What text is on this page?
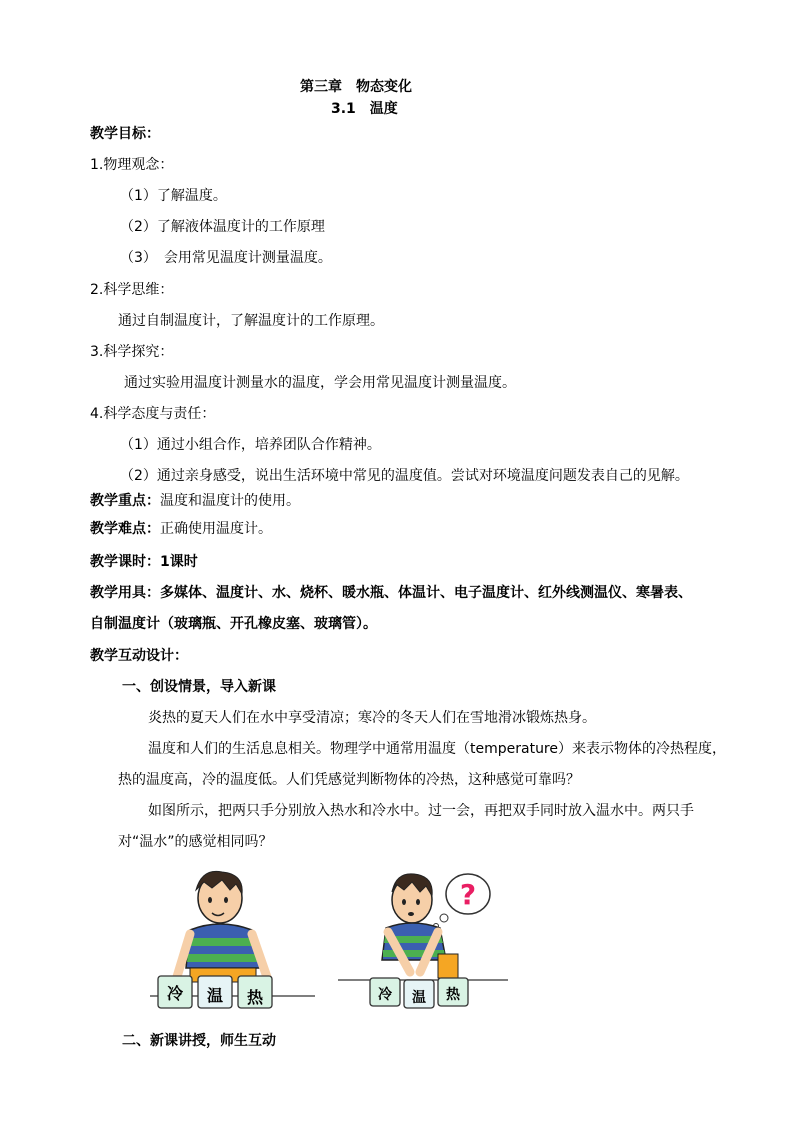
第三章　物态变化
3.1　温度
教学目标：
1.物理观念：
（1）了解温度。
（2）了解液体温度计的工作原理
（3）　会用常见温度计测量温度。
2.科学思维：
通过自制温度计，了解温度计的工作原理。
3.科学探究：
通过实验用温度计测量水的温度，学会用常见温度计测量温度。
4.科学态度与责任：
（1）通过小组合作，培养团队合作精神。
（2）通过亲身感受，说出生活环境中常见的温度值。尝试对环境温度问题发表自己的见解。
教学重点：温度和温度计的使用。
教学难点：正确使用温度计。
教学课时：1课时
教学用具：多媒体、温度计、水、烧杯、暖水瓶、体温计、电子温度计、红外线测温仪、寒暑表、
自制温度计（玻璃瓶、开孔橡皮塞、玻璃管）。
教学互动设计：
一、创设情景，导入新课
炎热的夏天人们在水中享受清凉；寒冷的冬天人们在雪地滑冰锻炼热身。
温度和人们的生活息息相关。物理学中通常用温度（temperature）来表示物体的冷热程度，
热的温度高，冷的温度低。人们凭感觉判断物体的冷热，这种感觉可靠吗？
如图所示，把两只手分别放入热水和冷水中。过一会，再把双手同时放入温水中。两只手
对“温水”的感觉相同吗？
冷 温 热
?
冷 温 热
二、新课讲授，师生互动
